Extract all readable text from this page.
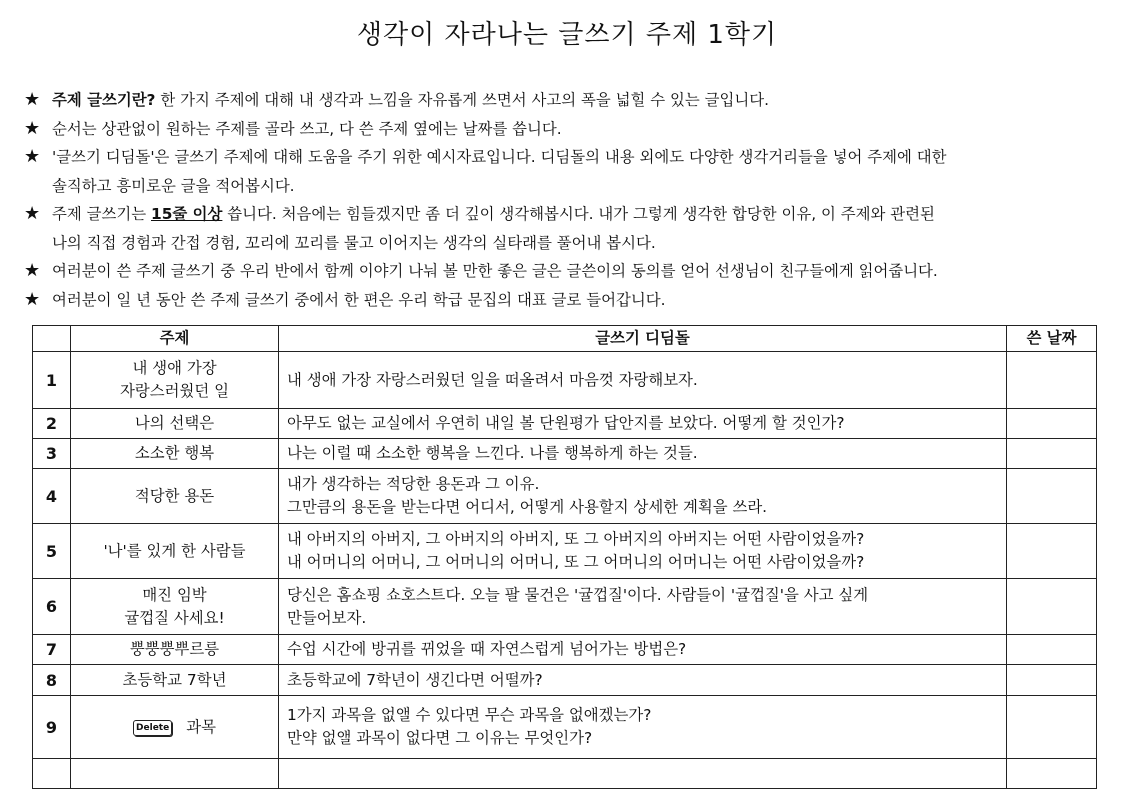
생각이 자라나는 글쓰기 주제 1학기
★ 주제 글쓰기란? 한 가지 주제에 대해 내 생각과 느낌을 자유롭게 쓰면서 사고의 폭을 넓힐 수 있는 글입니다.
★ 순서는 상관없이 원하는 주제를 골라 쓰고, 다 쓴 주제 옆에는 날짜를 씁니다.
★ '글쓰기 디딤돌'은 글쓰기 주제에 대해 도움을 주기 위한 예시자료입니다. 디딤돌의 내용 외에도 다양한 생각거리들을 넣어 주제에 대한
솔직하고 흥미로운 글을 적어봅시다.
★ 주제 글쓰기는 15줄 이상 씁니다. 처음에는 힘들겠지만 좀 더 깊이 생각해봅시다. 내가 그렇게 생각한 합당한 이유, 이 주제와 관련된
나의 직접 경험과 간접 경험, 꼬리에 꼬리를 물고 이어지는 생각의 실타래를 풀어내 봅시다.
★ 여러분이 쓴 주제 글쓰기 중 우리 반에서 함께 이야기 나눠 볼 만한 좋은 글은 글쓴이의 동의를 얻어 선생님이 친구들에게 읽어줍니다.
★ 여러분이 일 년 동안 쓴 주제 글쓰기 중에서 한 편은 우리 학급 문집의 대표 글로 들어갑니다.
	주제	글쓰기 디딤돌	쓴 날짜
1	내 생애 가장
자랑스러웠던 일	내 생애 가장 자랑스러웠던 일을 떠올려서 마음껏 자랑해보자.	

2	나의 선택은	아무도 없는 교실에서 우연히 내일 볼 단원평가 답안지를 보았다. 어떻게 할 것인가?	
3	소소한 행복	나는 이럴 때 소소한 행복을 느낀다. 나를 행복하게 하는 것들.	
4	적당한 용돈	내가 생각하는 적당한 용돈과 그 이유.
그만큼의 용돈을 받는다면 어디서, 어떻게 사용할지 상세한 계획을 쓰라.	

5	'나'를 있게 한 사람들	내 아버지의 아버지, 그 아버지의 아버지, 또 그 아버지의 아버지는 어떤 사람이었을까?
내 어머니의 어머니, 그 어머니의 어머니, 또 그 어머니의 어머니는 어떤 사람이었을까?	

6	매진 임박
귤껍질 사세요!	당신은 홈쇼핑 쇼호스트다. 오늘 팔 물건은 '귤껍질'이다. 사람들이 '귤껍질'을 사고 싶게
만들어보자.	

7	뿡뿡뿡뿌르릉	수업 시간에 방귀를 뀌었을 때 자연스럽게 넘어가는 방법은?	
8	초등학교 7학년	초등학교에 7학년이 생긴다면 어떨까?	
9	Delete 과목	1가지 과목을 없앨 수 있다면 무슨 과목을 없애겠는가?
만약 없앨 과목이 없다면 그 이유는 무엇인가?	
